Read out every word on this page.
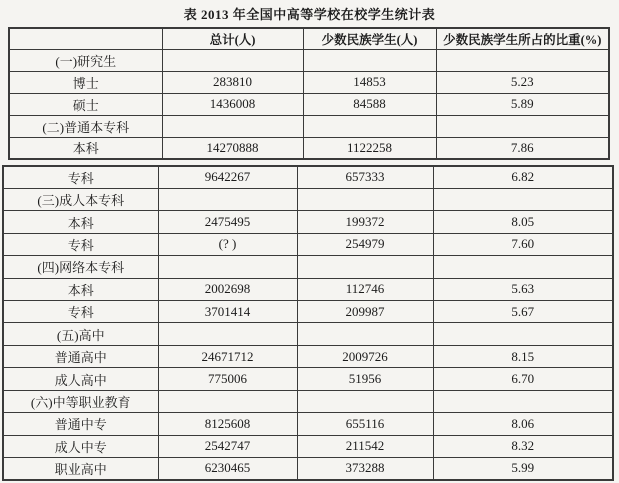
表 2013 年全国中高等学校在校学生统计表
	总计(人)	少数民族学生(人)	少数民族学生所占的比重(%)
(一)研究生			
博士	283810	14853	5.23
硕士	1436008	84588	5.89
(二)普通本专科			
本科	14270888	1122258	7.86
专科	9642267	657333	6.82
(三)成人本专科			
本科	2475495	199372	8.05
专科	(? )	254979	7.60
(四)网络本专科			
本科	2002698	112746	5.63
专科	3701414	209987	5.67
(五)高中			
普通高中	24671712	2009726	8.15
成人高中	775006	51956	6.70
(六)中等职业教育			
普通中专	8125608	655116	8.06
成人中专	2542747	211542	8.32
职业高中	6230465	373288	5.99
